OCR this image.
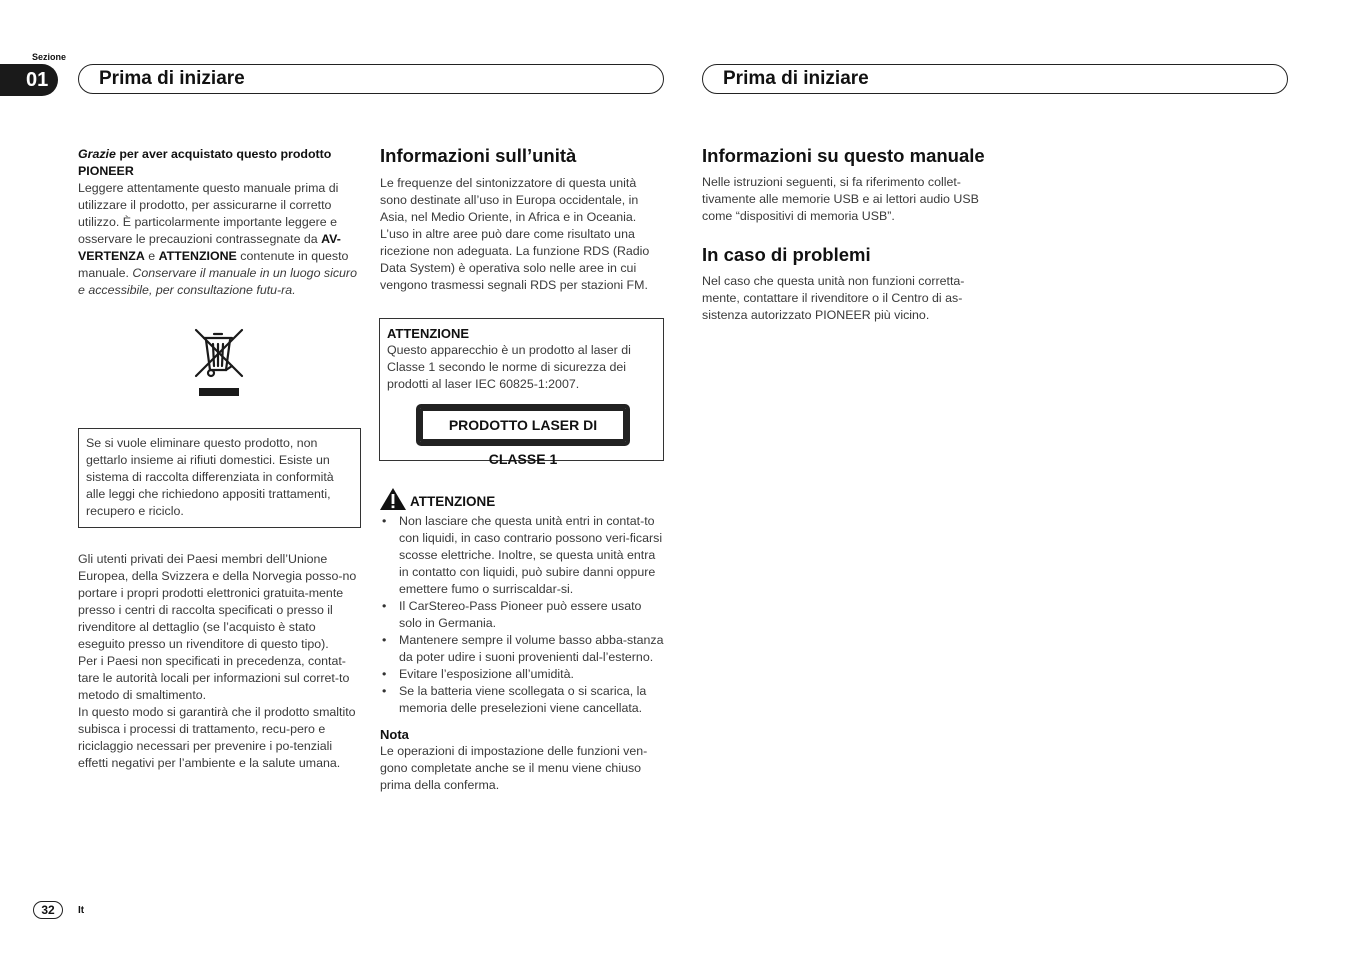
Sezione
01	Prima di iniziare	Prima di iniziare

Grazie per aver acquistato questo prodotto
PIONEER

Leggere attentamente questo manuale prima di utilizzare il prodotto, per assicurarne il corretto utilizzo. È particolarmente importante leggere e osservare le precauzioni contrassegnate da AV-VERTENZA e ATTENZIONE contenute in questo manuale. Conservare il manuale in un luogo sicuro e accessibile, per consultazione futu-ra.

Se si vuole eliminare questo prodotto, non gettarlo insieme ai rifiuti domestici. Esiste un sistema di raccolta differenziata in conformità alle leggi che richiedono appositi trattamenti, recupero e riciclo.

Gli utenti privati dei Paesi membri dell’Unione Europea, della Svizzera e della Norvegia posso-no portare i propri prodotti elettronici gratuita-mente presso i centri di raccolta specificati o presso il rivenditore al dettaglio (se l’acquisto è stato eseguito presso un rivenditore di questo tipo).

Per i Paesi non specificati in precedenza, contat-tare le autorità locali per informazioni sul corret-to metodo di smaltimento.

In questo modo si garantirà che il prodotto smaltito subisca i processi di trattamento, recu-pero e riciclaggio necessari per prevenire i po-tenziali effetti negativi per l’ambiente e la salute umana.

Informazioni sull’unità

Le frequenze del sintonizzatore di questa unità sono destinate all’uso in Europa occidentale, in Asia, nel Medio Oriente, in Africa e in Oceania. L’uso in altre aree può dare come risultato una ricezione non adeguata. La funzione RDS (Radio Data System) è operativa solo nelle aree in cui vengono trasmessi segnali RDS per stazioni FM.

ATTENZIONE

Questo apparecchio è un prodotto al laser di Classe 1 secondo le norme di sicurezza dei prodotti al laser IEC 60825-1:2007.

PRODOTTO LASER DI CLASSE 1
ATTENZIONE
• Non lasciare che questa unità entri in contat-to con liquidi, in caso contrario possono veri-ficarsi scosse elettriche. Inoltre, se questa unità entra in contatto con liquidi, può subire danni oppure emettere fumo o surriscaldar-si.
• Il CarStereo-Pass Pioneer può essere usato solo in Germania.
• Mantenere sempre il volume basso abba-stanza da poter udire i suoni provenienti dal-l’esterno.
• Evitare l’esposizione all’umidità.
• Se la batteria viene scollegata o si scarica, la memoria delle preselezioni viene cancellata.

Nota

Le operazioni di impostazione delle funzioni ven-gono completate anche se il menu viene chiuso prima della conferma.

Informazioni su questo manuale

Nelle istruzioni seguenti, si fa riferimento collet-tivamente alle memorie USB e ai lettori audio USB come “dispositivi di memoria USB”.

In caso di problemi

Nel caso che questa unità non funzioni corretta-mente, contattare il rivenditore o il Centro di as-sistenza autorizzato PIONEER più vicino.

32	It
